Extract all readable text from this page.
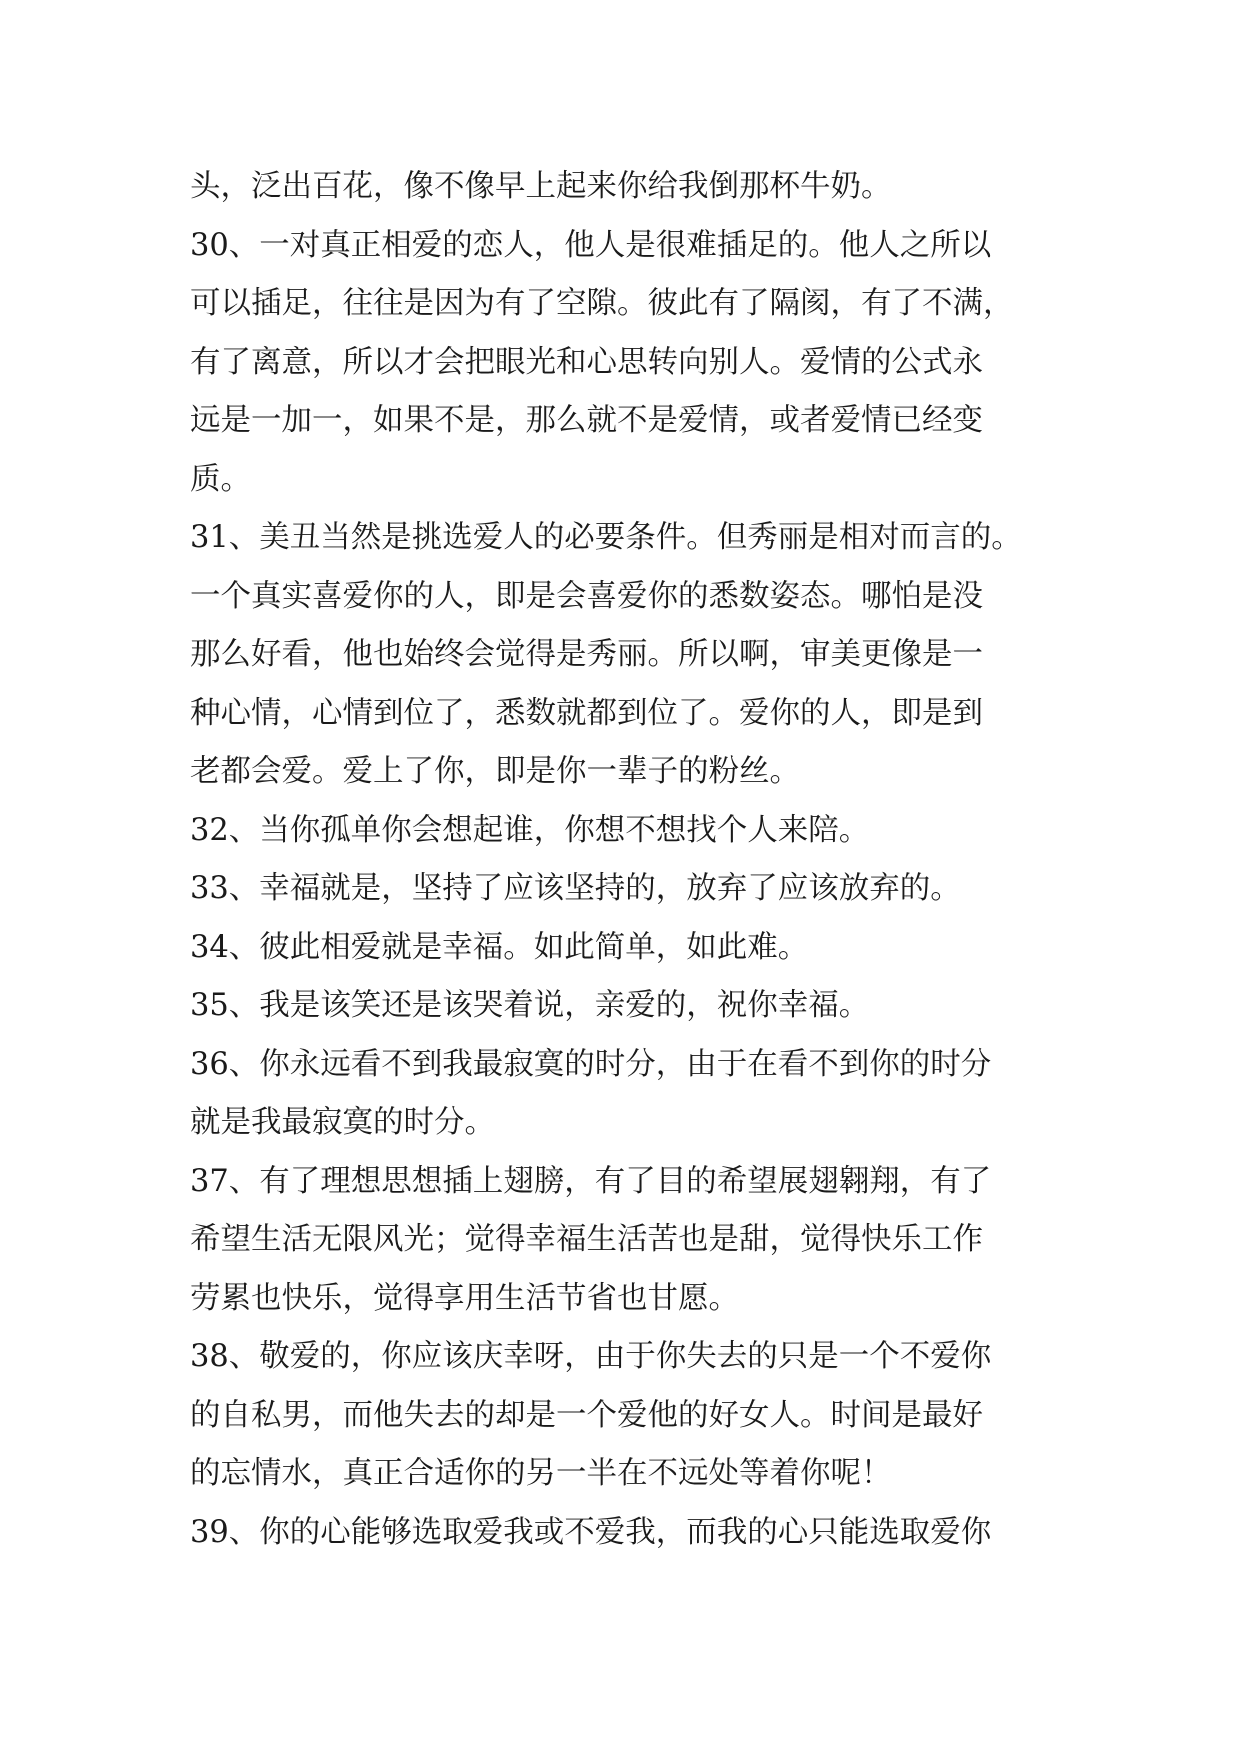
头，泛出百花，像不像早上起来你给我倒那杯牛奶。

30、一对真正相爱的恋人，他人是很难插足的。他人之所以

可以插足，往往是因为有了空隙。彼此有了隔阂，有了不满，

有了离意，所以才会把眼光和心思转向别人。爱情的公式永

远是一加一，如果不是，那么就不是爱情，或者爱情已经变

质。

31、美丑当然是挑选爱人的必要条件。但秀丽是相对而言的。

一个真实喜爱你的人，即是会喜爱你的悉数姿态。哪怕是没

那么好看，他也始终会觉得是秀丽。所以啊，审美更像是一

种心情，心情到位了，悉数就都到位了。爱你的人，即是到

老都会爱。爱上了你，即是你一辈子的粉丝。

32、当你孤单你会想起谁，你想不想找个人来陪。

33、幸福就是，坚持了应该坚持的，放弃了应该放弃的。

34、彼此相爱就是幸福。如此简单，如此难。

35、我是该笑还是该哭着说，亲爱的，祝你幸福。

36、你永远看不到我最寂寞的时分，由于在看不到你的时分

就是我最寂寞的时分。

37、有了理想思想插上翅膀，有了目的希望展翅翱翔，有了

希望生活无限风光；觉得幸福生活苦也是甜，觉得快乐工作

劳累也快乐，觉得享用生活节省也甘愿。

38、敬爱的，你应该庆幸呀，由于你失去的只是一个不爱你

的自私男，而他失去的却是一个爱他的好女人。时间是最好

的忘情水，真正合适你的另一半在不远处等着你呢！

39、你的心能够选取爱我或不爱我，而我的心只能选取爱你
